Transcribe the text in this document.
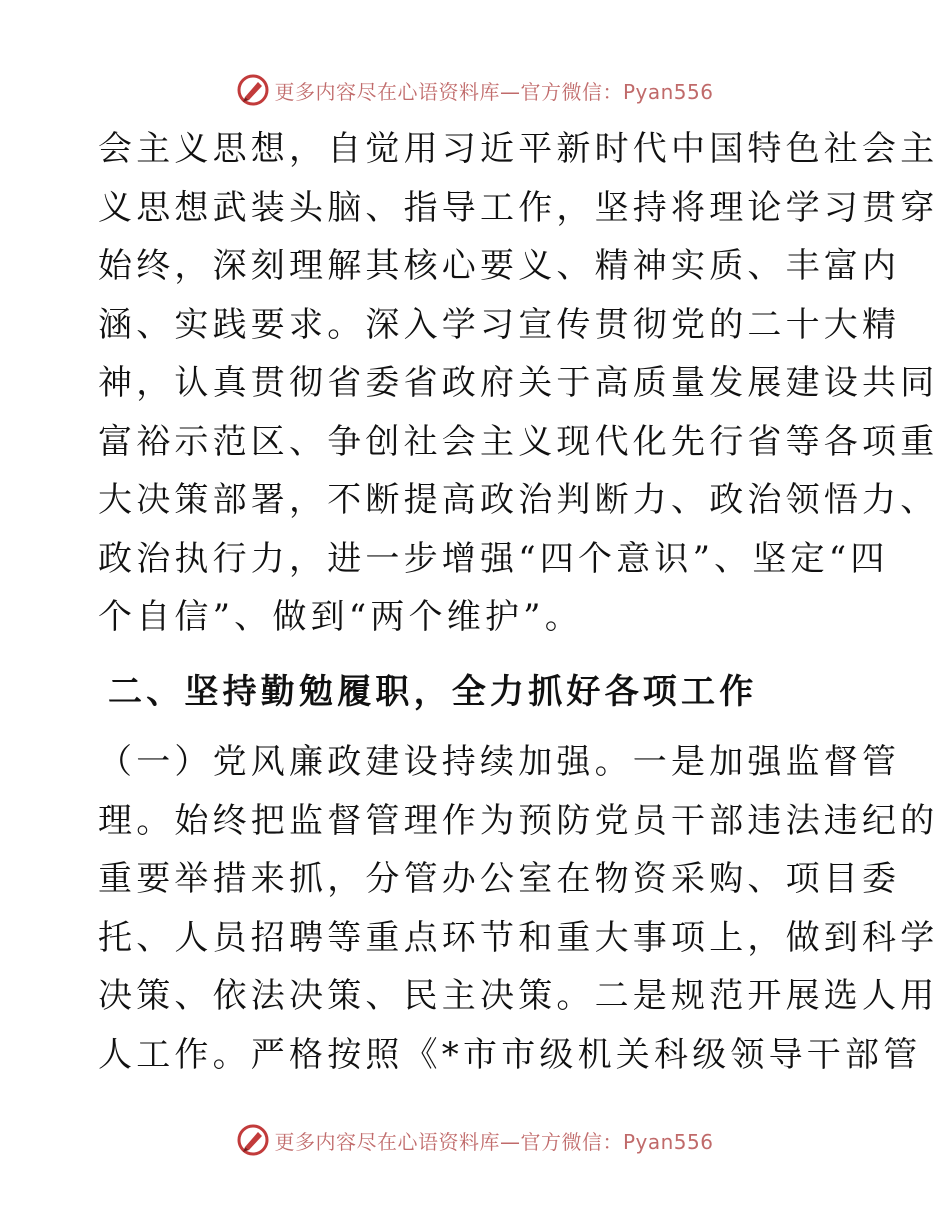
更多内容尽在心语资料库—官方微信：Pyan556

会主义思想，自觉用习近平新时代中国特色社会主
义思想武装头脑、指导工作，坚持将理论学习贯穿
始终，深刻理解其核心要义、精神实质、丰富内
涵、实践要求。深入学习宣传贯彻党的二十大精
神，认真贯彻省委省政府关于高质量发展建设共同
富裕示范区、争创社会主义现代化先行省等各项重
大决策部署，不断提高政治判断力、政治领悟力、
政治执行力，进一步增强“四个意识”、坚定“四
个自信”、做到“两个维护”。

二、坚持勤勉履职，全力抓好各项工作

（一）党风廉政建设持续加强。一是加强监督管
理。始终把监督管理作为预防党员干部违法违纪的
重要举措来抓，分管办公室在物资采购、项目委
托、人员招聘等重点环节和重大事项上，做到科学
决策、依法决策、民主决策。二是规范开展选人用
人工作。严格按照《*市市级机关科级领导干部管

更多内容尽在心语资料库—官方微信：Pyan556
